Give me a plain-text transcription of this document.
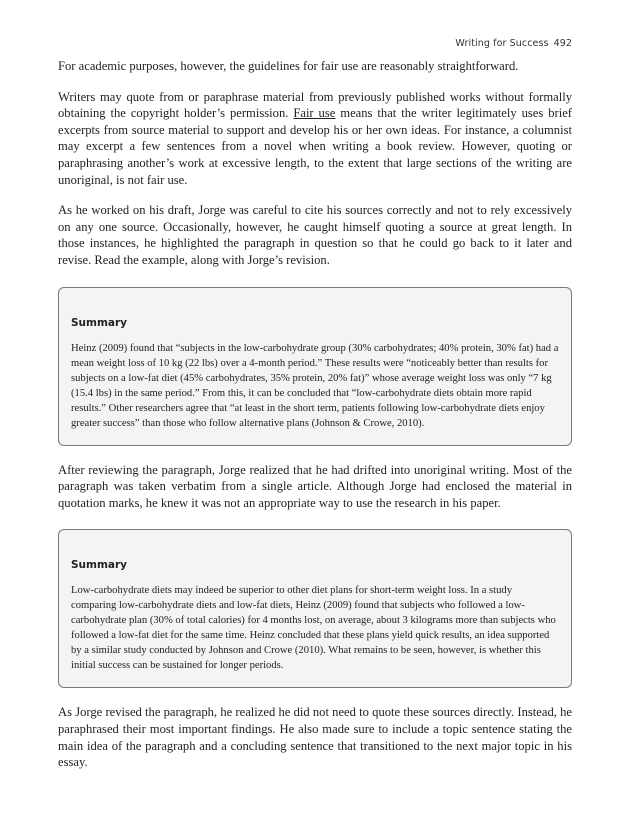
Writing for Success 492

For academic purposes, however, the guidelines for fair use are reasonably straightforward.

Writers may quote from or paraphrase material from previously published works without formally obtaining the copyright holder’s permission. Fair use means that the writer legitimately uses brief excerpts from source material to support and develop his or her own ideas. For instance, a columnist may excerpt a few sentences from a novel when writing a book review. However, quoting or paraphrasing another’s work at excessive length, to the extent that large sections of the writing are unoriginal, is not fair use.

As he worked on his draft, Jorge was careful to cite his sources correctly and not to rely excessively on any one source. Occasionally, however, he caught himself quoting a source at great length. In those instances, he highlighted the paragraph in question so that he could go back to it later and revise. Read the example, along with Jorge’s revision.

Summary

Heinz (2009) found that “subjects in the low-carbohydrate group (30% carbohydrates; 40% protein, 30% fat) had a mean weight loss of 10 kg (22 lbs) over a 4-month period.” These results were “noticeably better than results for subjects on a low-fat diet (45% carbohydrates, 35% protein, 20% fat)” whose average weight loss was only “7 kg (15.4 lbs) in the same period.” From this, it can be concluded that “low-carbohydrate diets obtain more rapid results.” Other researchers agree that “at least in the short term, patients following low-carbohydrate diets enjoy greater success” than those who follow alternative plans (Johnson & Crowe, 2010).

After reviewing the paragraph, Jorge realized that he had drifted into unoriginal writing. Most of the paragraph was taken verbatim from a single article. Although Jorge had enclosed the material in quotation marks, he knew it was not an appropriate way to use the research in his paper.

Summary

Low-carbohydrate diets may indeed be superior to other diet plans for short-term weight loss. In a study comparing low-carbohydrate diets and low-fat diets, Heinz (2009) found that subjects who followed a low-carbohydrate plan (30% of total calories) for 4 months lost, on average, about 3 kilograms more than subjects who followed a low-fat diet for the same time. Heinz concluded that these plans yield quick results, an idea supported by a similar study conducted by Johnson and Crowe (2010). What remains to be seen, however, is whether this initial success can be sustained for longer periods.

As Jorge revised the paragraph, he realized he did not need to quote these sources directly. Instead, he paraphrased their most important findings. He also made sure to include a topic sentence stating the main idea of the paragraph and a concluding sentence that transitioned to the next major topic in his essay.
